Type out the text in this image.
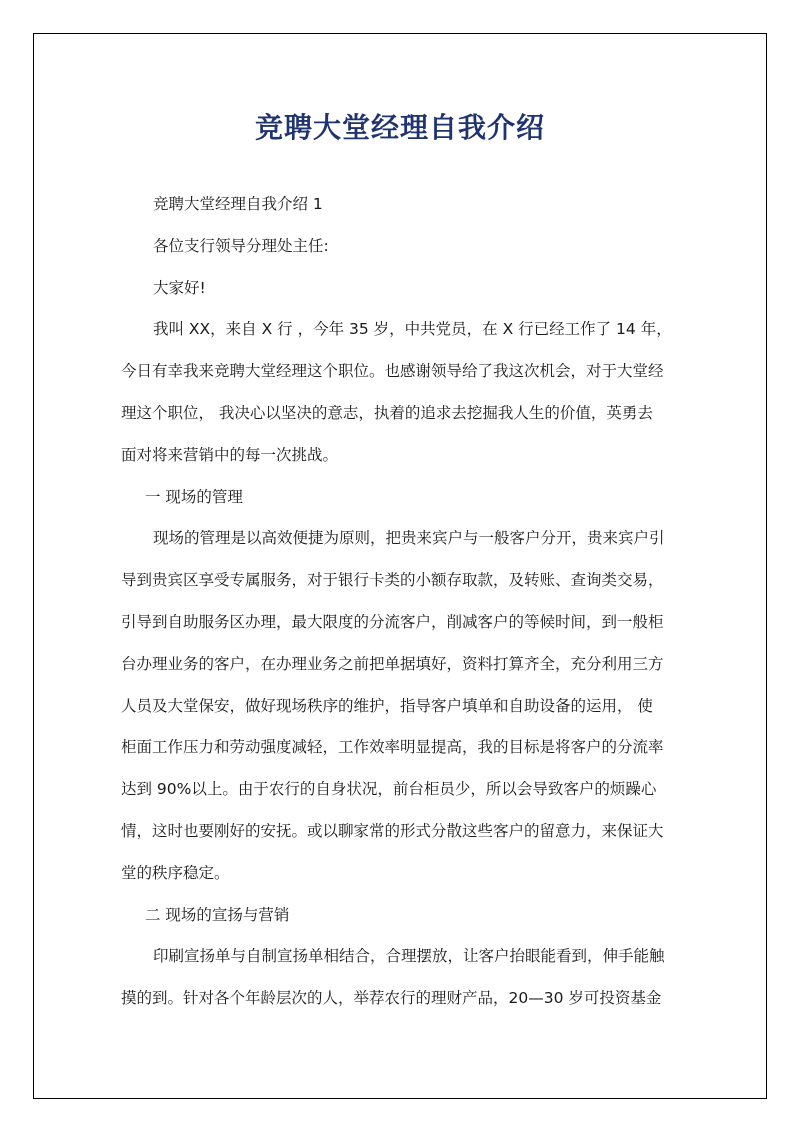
竞聘大堂经理自我介绍

竞聘大堂经理自我介绍 1

各位支行领导分理处主任:

大家好!

我叫 XX，来自 X 行 ，今年 35 岁，中共党员，在 X 行已经工作了 14 年，

今日有幸我来竞聘大堂经理这个职位。也感谢领导给了我这次机会，对于大堂经

理这个职位， 我决心以坚决的意志，执着的追求去挖掘我人生的价值，英勇去

面对将来营销中的每一次挑战。

一 现场的管理

现场的管理是以高效便捷为原则，把贵来宾户与一般客户分开，贵来宾户引

导到贵宾区享受专属服务，对于银行卡类的小额存取款，及转账、查询类交易，

引导到自助服务区办理，最大限度的分流客户，削减客户的等候时间，到一般柜

台办理业务的客户，在办理业务之前把单据填好，资料打算齐全，充分利用三方

人员及大堂保安，做好现场秩序的维护，指导客户填单和自助设备的运用， 使

柜面工作压力和劳动强度减轻，工作效率明显提高，我的目标是将客户的分流率

达到 90%以上。由于农行的自身状况，前台柜员少，所以会导致客户的烦躁心

情，这时也要刚好的安抚。或以聊家常的形式分散这些客户的留意力，来保证大

堂的秩序稳定。

二 现场的宣扬与营销

印刷宣扬单与自制宣扬单相结合，合理摆放，让客户抬眼能看到，伸手能触

摸的到。针对各个年龄层次的人，举荐农行的理财产品，20—30 岁可投资基金
